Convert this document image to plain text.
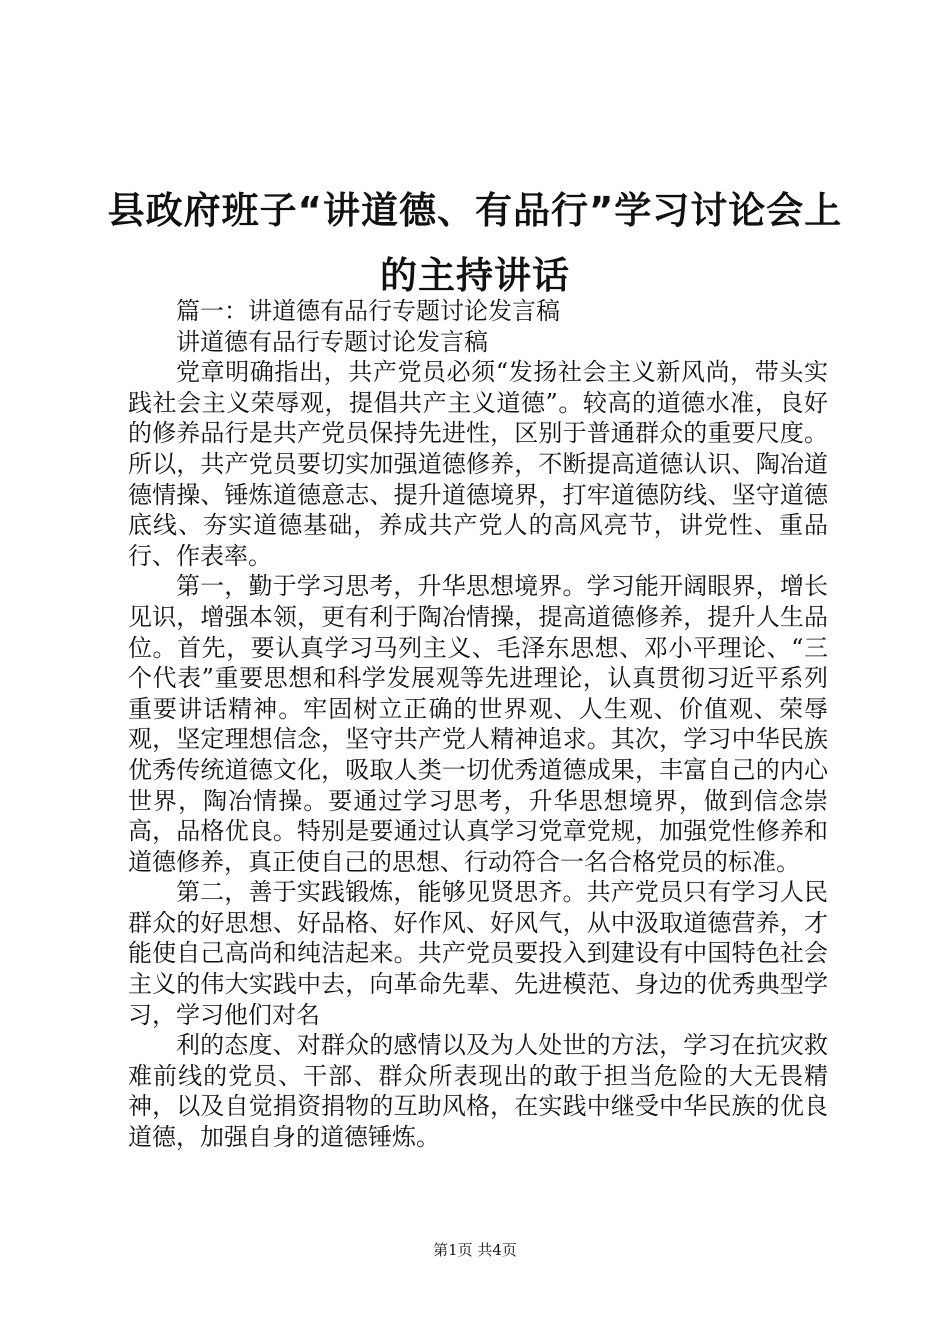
县政府班子“讲道德、有品行”学习讨论会上的主持讲话

篇一：讲道德有品行专题讨论发言稿

讲道德有品行专题讨论发言稿

党章明确指出，共产党员必须“发扬社会主义新风尚，带头实践社会主义荣辱观，提倡共产主义道德”。较高的道德水准，良好的修养品行是共产党员保持先进性，区别于普通群众的重要尺度。所以，共产党员要切实加强道德修养，不断提高道德认识、陶冶道德情操、锤炼道德意志、提升道德境界，打牢道德防线、坚守道德底线、夯实道德基础，养成共产党人的高风亮节，讲党性、重品行、作表率。

第一，勤于学习思考，升华思想境界。学习能开阔眼界，增长见识，增强本领，更有利于陶冶情操，提高道德修养，提升人生品位。首先，要认真学习马列主义、毛泽东思想、邓小平理论、“三个代表”重要思想和科学发展观等先进理论，认真贯彻习近平系列重要讲话精神。牢固树立正确的世界观、人生观、价值观、荣辱观，坚定理想信念，坚守共产党人精神追求。其次，学习中华民族优秀传统道德文化，吸取人类一切优秀道德成果，丰富自己的内心世界，陶冶情操。要通过学习思考，升华思想境界，做到信念崇高，品格优良。特别是要通过认真学习党章党规，加强党性修养和道德修养，真正使自己的思想、行动符合一名合格党员的标准。

第二，善于实践锻炼，能够见贤思齐。共产党员只有学习人民群众的好思想、好品格、好作风、好风气，从中汲取道德营养，才能使自己高尚和纯洁起来。共产党员要投入到建设有中国特色社会主义的伟大实践中去，向革命先辈、先进模范、身边的优秀典型学习，学习他们对名

利的态度、对群众的感情以及为人处世的方法，学习在抗灾救难前线的党员、干部、群众所表现出的敢于担当危险的大无畏精神，以及自觉捐资捐物的互助风格，在实践中继受中华民族的优良道德，加强自身的道德锤炼。

第1页 共4页
